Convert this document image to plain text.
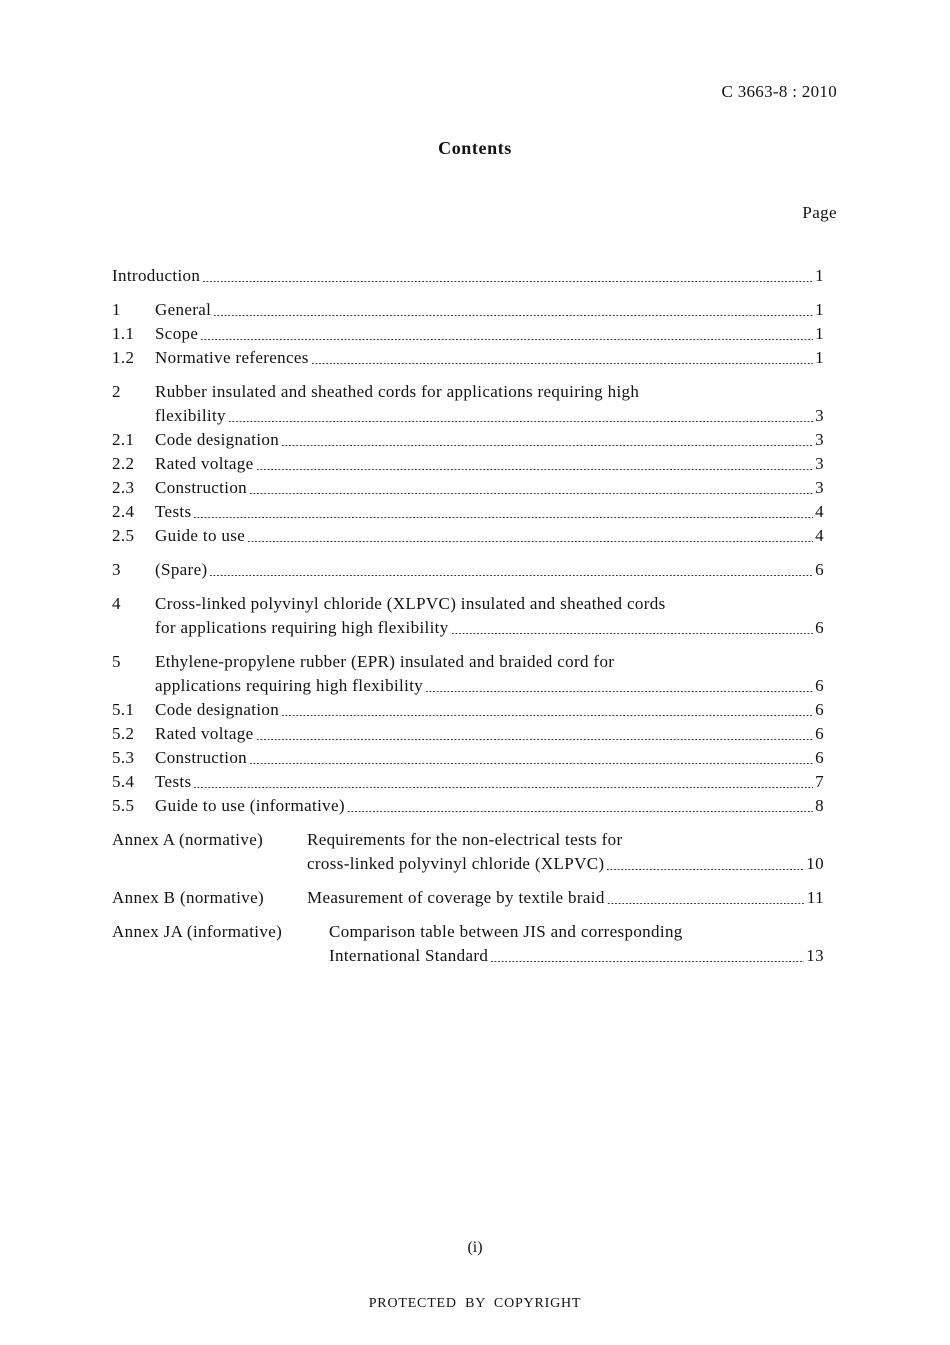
C 3663-8 : 2010
Contents
Page
Introduction	1
1 General	1
1.1 Scope	1
1.2 Normative references	1
2 Rubber insulated and sheathed cords for applications requiring high
flexibility	3
2.1 Code designation	3
2.2 Rated voltage	3
2.3 Construction	3
2.4 Tests	4
2.5 Guide to use	4
3 (Spare)	6
4 Cross-linked polyvinyl chloride (XLPVC) insulated and sheathed cords
for applications requiring high flexibility	6
5 Ethylene-propylene rubber (EPR) insulated and braided cord for
applications requiring high flexibility	6
5.1 Code designation	6
5.2 Rated voltage	6
5.3 Construction	6
5.4 Tests	7
5.5 Guide to use (informative)	8
Annex A (normative)	Requirements for the non-electrical tests for
cross-linked polyvinyl chloride (XLPVC)	10
Annex B (normative)	Measurement of coverage by textile braid	11
Annex JA (informative)	Comparison table between JIS and corresponding
International Standard	13
(i)
PROTECTED BY COPYRIGHT
